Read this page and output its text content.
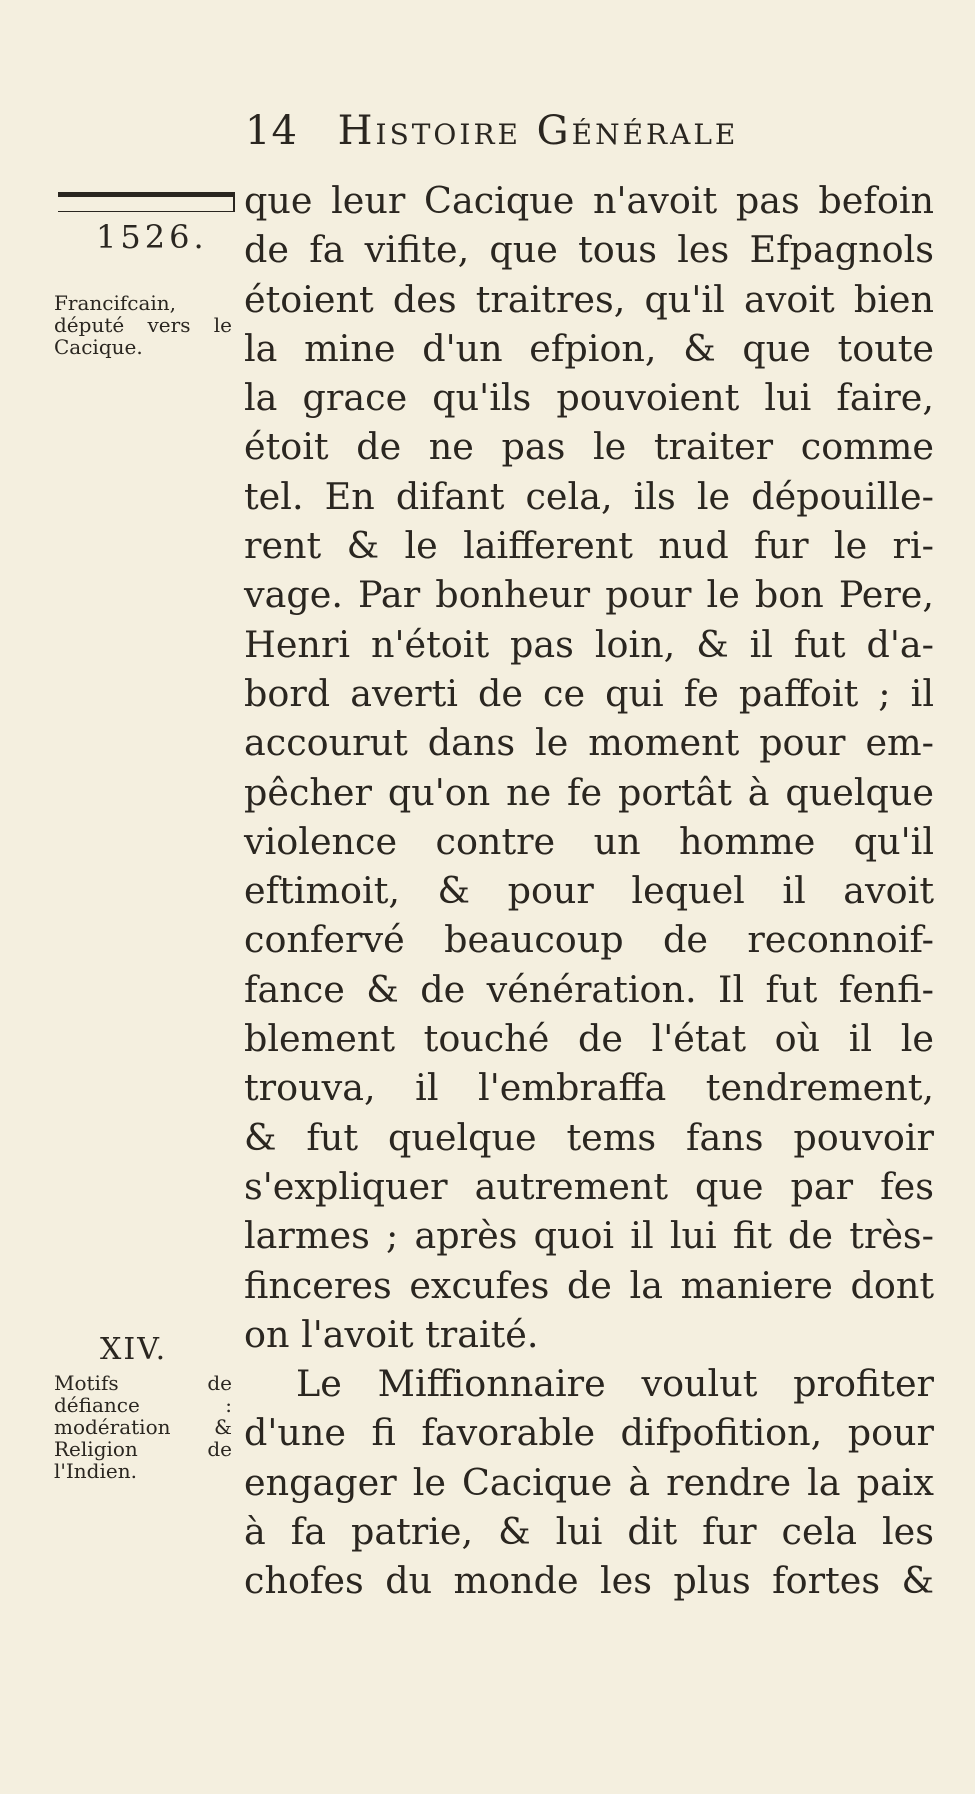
14 Histoire Générale
1526.
Francifcain, député vers le Cacique.
XIV.
Motifs de défiance : modération & Religion de l'Indien.
que leur Cacique n'avoit pas befoin
de fa vifite, que tous les Efpagnols
étoient des traitres, qu'il avoit bien
la mine d'un efpion, & que toute
la grace qu'ils pouvoient lui faire,
étoit de ne pas le traiter comme
tel. En difant cela, ils le dépouille-
rent & le laifferent nud fur le ri-
vage. Par bonheur pour le bon Pere,
Henri n'étoit pas loin, & il fut d'a-
bord averti de ce qui fe paffoit ; il
accourut dans le moment pour em-
pêcher qu'on ne fe portât à quelque
violence contre un homme qu'il
eftimoit, & pour lequel il avoit
confervé beaucoup de reconnoif-
fance & de vénération. Il fut fenfi-
blement touché de l'état où il le
trouva, il l'embraffa tendrement,
& fut quelque tems fans pouvoir
s'expliquer autrement que par fes
larmes ; après quoi il lui fit de très-
finceres excufes de la maniere dont
on l'avoit traité.
Le Miffionnaire voulut profiter
d'une fi favorable difpofition, pour
engager le Cacique à rendre la paix
à fa patrie, & lui dit fur cela les
chofes du monde les plus fortes &
